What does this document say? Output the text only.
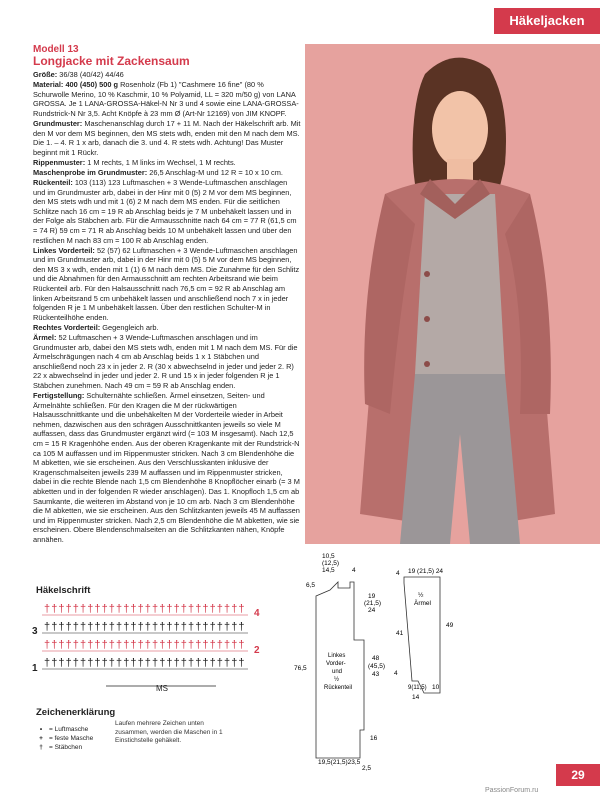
Häkeljacken
Modell 13
Longjacke mit Zackensaum

Größe: 36/38 (40/42) 44/46

Material: 400 (450) 500 g Rosenholz (Fb 1) "Cashmere 16 fine" (80 % Schurwolle Merino, 10 % Kaschmir, 10 % Polyamid, LL = 320 m/50 g) von LANA GROSSA. Je 1 LANA-GROSSA-Häkel-N Nr 3 und 4 sowie eine LANA-GROSSA-Rundstrick-N Nr 3,5. Acht Knöpfe à 23 mm Ø (Art-Nr 12169) von JIM KNOPF.

Grundmuster: Maschenanschlag durch 17 + 11 M. Nach der Häkelschrift arb. Mit den M vor dem MS beginnen, den MS stets wdh, enden mit den M nach dem MS. Die 1. – 4. R 1 x arb, danach die 3. und 4. R stets wdh. Achtung! Das Muster beginnt mit 1 Rückr.

Rippenmuster: 1 M rechts, 1 M links im Wechsel, 1 M rechts.

Maschenprobe im Grundmuster: 26,5 Anschlag-M und 12 R = 10 x 10 cm.

Rückenteil: 103 (113) 123 Luftmaschen + 3 Wende-Luftmaschen anschlagen und im Grundmuster arb, dabei in der Hinr mit 0 (5) 2 M vor dem MS beginnen, den MS stets wdh und mit 1 (6) 2 M nach dem MS enden. Für die seitlichen Schlitze nach 16 cm = 19 R ab Anschlag beids je 7 M unbehäkelt lassen und in der Folge als Stäbchen arb. Für die Armausschnitte nach 64 cm = 77 R (61,5 cm = 74 R) 59 cm = 71 R ab Anschlag beids 10 M unbehäkelt lassen und über den restlichen M nach 83 cm = 100 R ab Anschlag enden.

Linkes Vorderteil: 52 (57) 62 Luftmaschen + 3 Wende-Luftmaschen anschlagen und im Grundmuster arb, dabei in der Hinr mit 0 (5) 5 M vor dem MS beginnen, den MS 3 x wdh, enden mit 1 (1) 6 M nach dem MS. Die Zunahme für den Schlitz und die Abnahmen für den Armausschnitt am rechten Arbeitsrand wie beim Rückenteil arb. Für den Halsausschnitt nach 76,5 cm = 92 R ab Anschlag am linken Arbeitsrand 5 cm unbehäkelt lassen und anschließend noch 7 x in jeder folgenden R je 1 M unbehäkelt lassen. Über den restlichen Schulter-M in Rückenteilhöhe enden.

Rechtes Vorderteil: Gegengleich arb.

Ärmel: 52 Luftmaschen + 3 Wende-Luftmaschen anschlagen und im Grundmuster arb, dabei den MS stets wdh, enden mit 1 M nach dem MS. Für die Ärmelschrägungen nach 4 cm ab Anschlag beids 1 x 1 Stäbchen und anschließend noch 23 x in jeder 2. R (30 x abwechselnd in jeder und jeder 2. R) 22 x abwechselnd in jeder und jeder 2. R und 15 x in jeder folgenden R je 1 Stäbchen zunehmen. Nach 49 cm = 59 R ab Anschlag enden.

Fertigstellung: Schulternähte schließen. Ärmel einsetzen, Seiten- und Ärmelnähte schließen. Für den Kragen die M der rückwärtigen Halsausschnittkante und die unbehäkelten M der Vorderteile wieder in Arbeit nehmen, dazwischen aus den schrägen Ausschnittkanten jeweils so viele M auffassen, dass das Grundmuster ergänzt wird (= 103 M insgesamt). Nach 12,5 cm = 15 R Kragenhöhe enden. Aus der oberen Kragenkante mit der Rundstrick-N ca 105 M auffassen und im Rippenmuster stricken. Nach 3 cm Blendenhöhe die M abketten, wie sie erscheinen. Aus den Verschlusskanten inklusive der Kragenschmalseiten jeweils 239 M auffassen und im Rippenmuster stricken, dabei in die rechte Blende nach 1,5 cm Blendenhöhe 8 Knopflöcher einarb (= 3 M abketten und in der folgenden R wieder anschlagen). Das 1. Knopfloch 1,5 cm ab Saumkante, die weiteren im Abstand von je 10 cm arb. Nach 3 cm Blendenhöhe die M abketten, wie sie erscheinen. Aus den Schlitzkanten jeweils 45 M auffassen und im Rippenmuster stricken. Nach 2,5 cm Blendenhöhe die M abketten, wie sie erscheinen. Obere Blendenschmalseiten an die Schlitzkanten nähen, Knöpfe annähen.

Häkelschrift
3
1
4
2
† † † † † † † † † † † † † † † † † † † † † † † † † † † †
† † † † † † † † † † † † † † † † † † † † † † † † † † † †
† † † † † † † † † † † † † † † † † † † † † † † † † † † †
† † † † † † † † † † † † † † † † † † † † † † † † † † † †
MS
Zeichenerklärung
•	= Luftmasche
+ = feste Masche
† = Stäbchen
Laufen mehrere Zeichen unten zusammen, werden die Maschen in 1 Einstichstelle gehäkelt.
10,5
(12,5)
14,5	4
6,5
19
(21,5)
24
76,5
Linkes
Vorder-
und
½
Rückenteil
48
(45,5)
43
16
19,5(21,5)23,5
2,5
19 (21,5) 24
4
½
Ärmel
41
49
4
9(11,5) 10
14
29
PassionForum.ru
